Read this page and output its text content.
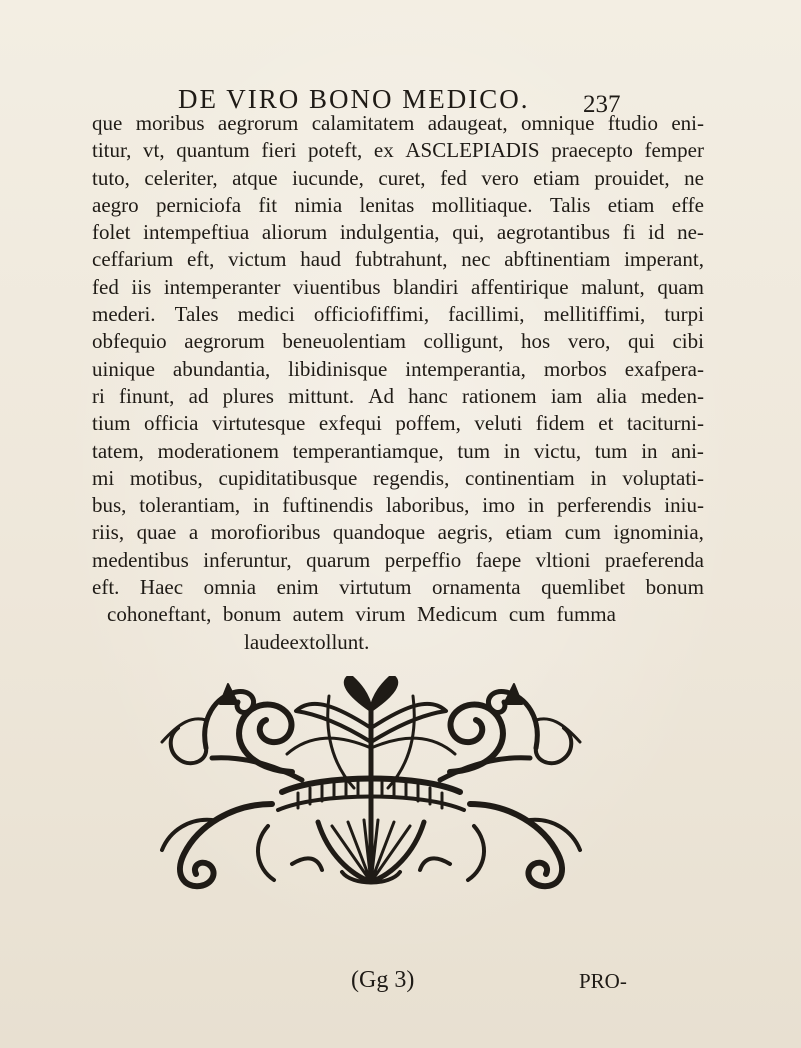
DE VIRO BONO MEDICO.	237
que moribus aegrorum calamitatem adaugeat, omnique ftudio eni-
titur, vt, quantum fieri poteft, ex ASCLEPIADIS praecepto femper
tuto, celeriter, atque iucunde, curet, fed vero etiam prouidet, ne
aegro perniciofa fit nimia lenitas mollitiaque. Talis etiam effe
folet intempeftiua aliorum indulgentia, qui, aegrotantibus fi id ne-
ceffarium eft, victum haud fubtrahunt, nec abftinentiam imperant,
fed iis intemperanter viuentibus blandiri affentirique malunt, quam
mederi. Tales medici officiofiffimi, facillimi, mellitiffimi, turpi
obfequio aegrorum beneuolentiam colligunt, hos vero, qui cibi
uinique abundantia, libidinisque intemperantia, morbos exafpera-
ri finunt, ad plures mittunt. Ad hanc rationem iam alia meden-
tium officia virtutesque exfequi poffem, veluti fidem et taciturni-
tatem, moderationem temperantiamque, tum in victu, tum in ani-
mi motibus, cupiditatibusque regendis, continentiam in voluptati-
bus, tolerantiam, in fuftinendis laboribus, imo in perferendis iniu-
riis, quae a morofioribus quandoque aegris, etiam cum ignominia,
medentibus inferuntur, quarum perpeffio faepe vltioni praeferenda
eft. Haec omnia enim virtutum ornamenta quemlibet bonum
cohoneftant, bonum autem virum Medicum cum fumma
laude extollunt.
(Gg 3)	PRO-
